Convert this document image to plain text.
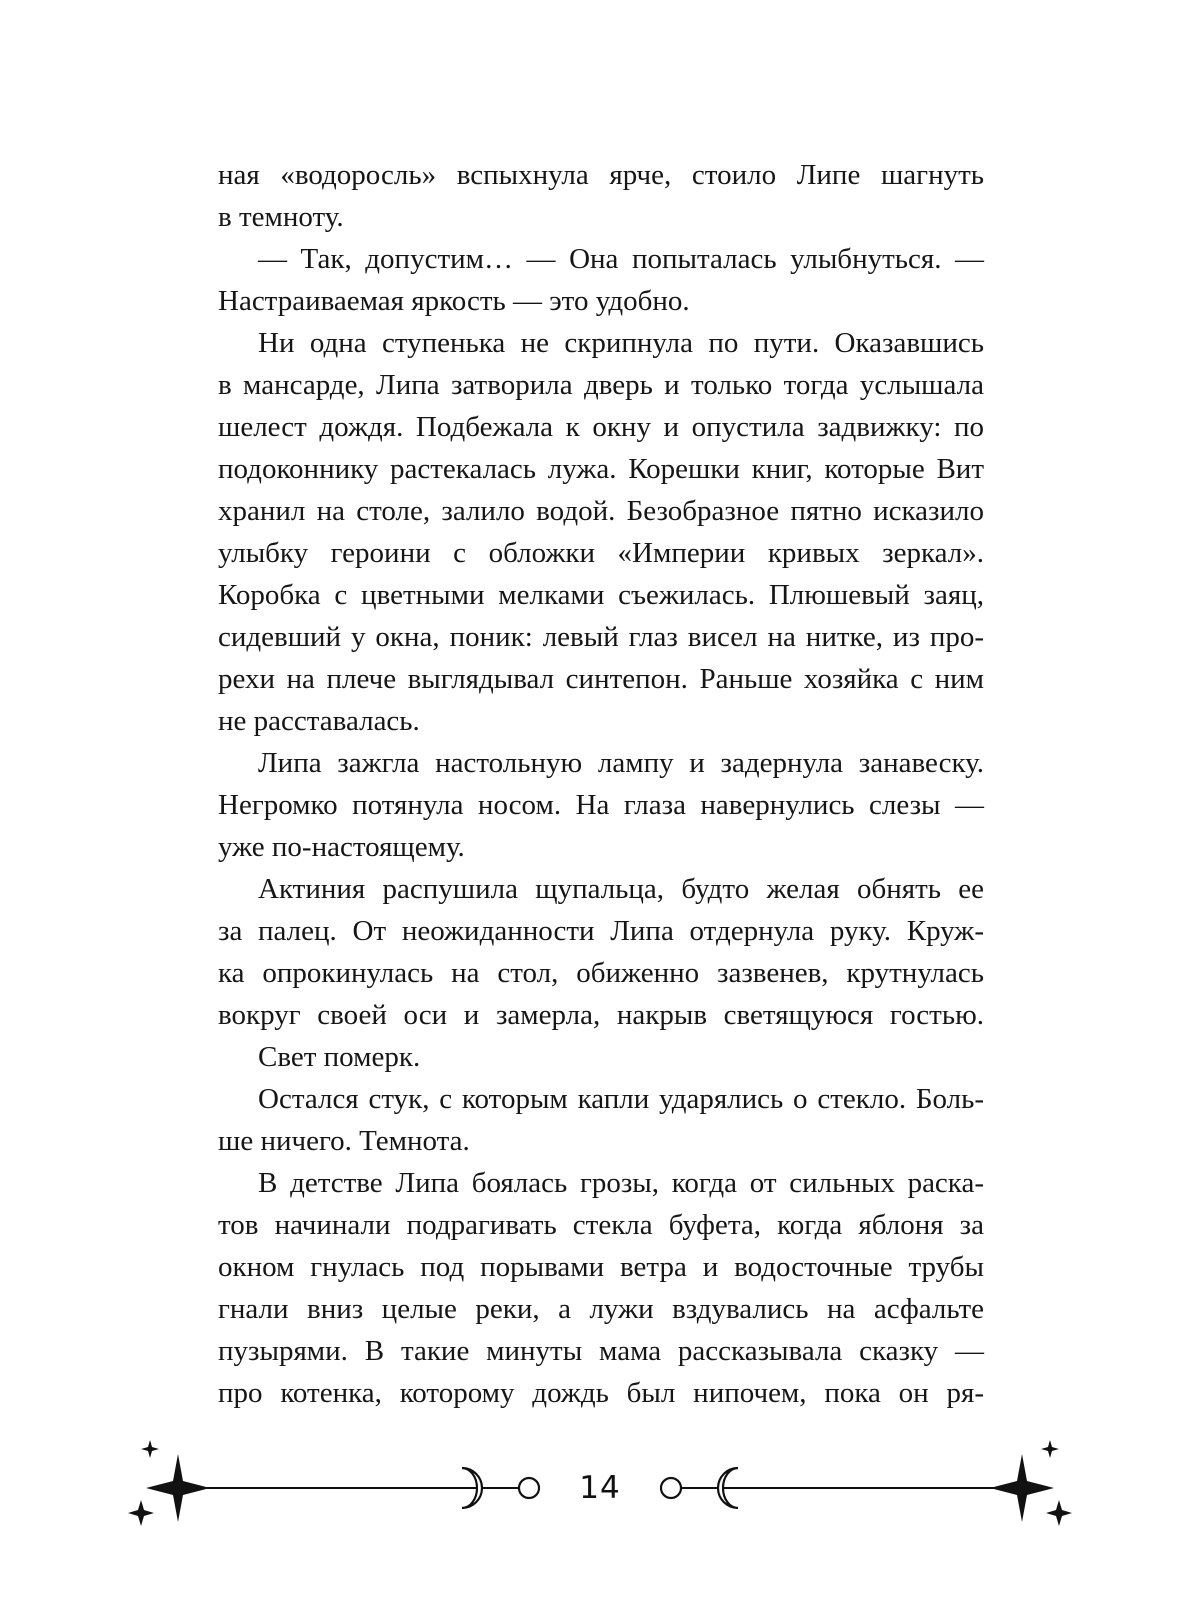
ная «водоросль» вспыхнула ярче, стоило Липе шагнуть
в темноту.
— Так, допустим… — Она попыталась улыбнуться. —
Настраиваемая яркость — это удобно.
Ни одна ступенька не скрипнула по пути. Оказавшись
в мансарде, Липа затворила дверь и только тогда услышала
шелест дождя. Подбежала к окну и опустила задвижку: по
подоконнику растекалась лужа. Корешки книг, которые Вит
хранил на столе, залило водой. Безобразное пятно исказило
улыбку героини с обложки «Империи кривых зеркал».
Коробка с цветными мелками съежилась. Плюшевый заяц,
сидевший у окна, поник: левый глаз висел на нитке, из про-
рехи на плече выглядывал синтепон. Раньше хозяйка с ним
не расставалась.
Липа зажгла настольную лампу и задернула занавеску.
Негромко потянула носом. На глаза навернулись слезы —
уже по-настоящему.
Актиния распушила щупальца, будто желая обнять ее
за палец. От неожиданности Липа отдернула руку. Круж-
ка опрокинулась на стол, обиженно зазвенев, крутнулась
вокруг своей оси и замерла, накрыв светящуюся гостью.
Свет померк.
Остался стук, с которым капли ударялись о стекло. Боль-
ше ничего. Темнота.
В детстве Липа боялась грозы, когда от сильных раска-
тов начинали подрагивать стекла буфета, когда яблоня за
окном гнулась под порывами ветра и водосточные трубы
гнали вниз целые реки, а лужи вздувались на асфальте
пузырями. В такие минуты мама рассказывала сказку —
про котенка, которому дождь был нипочем, пока он ря-
14
